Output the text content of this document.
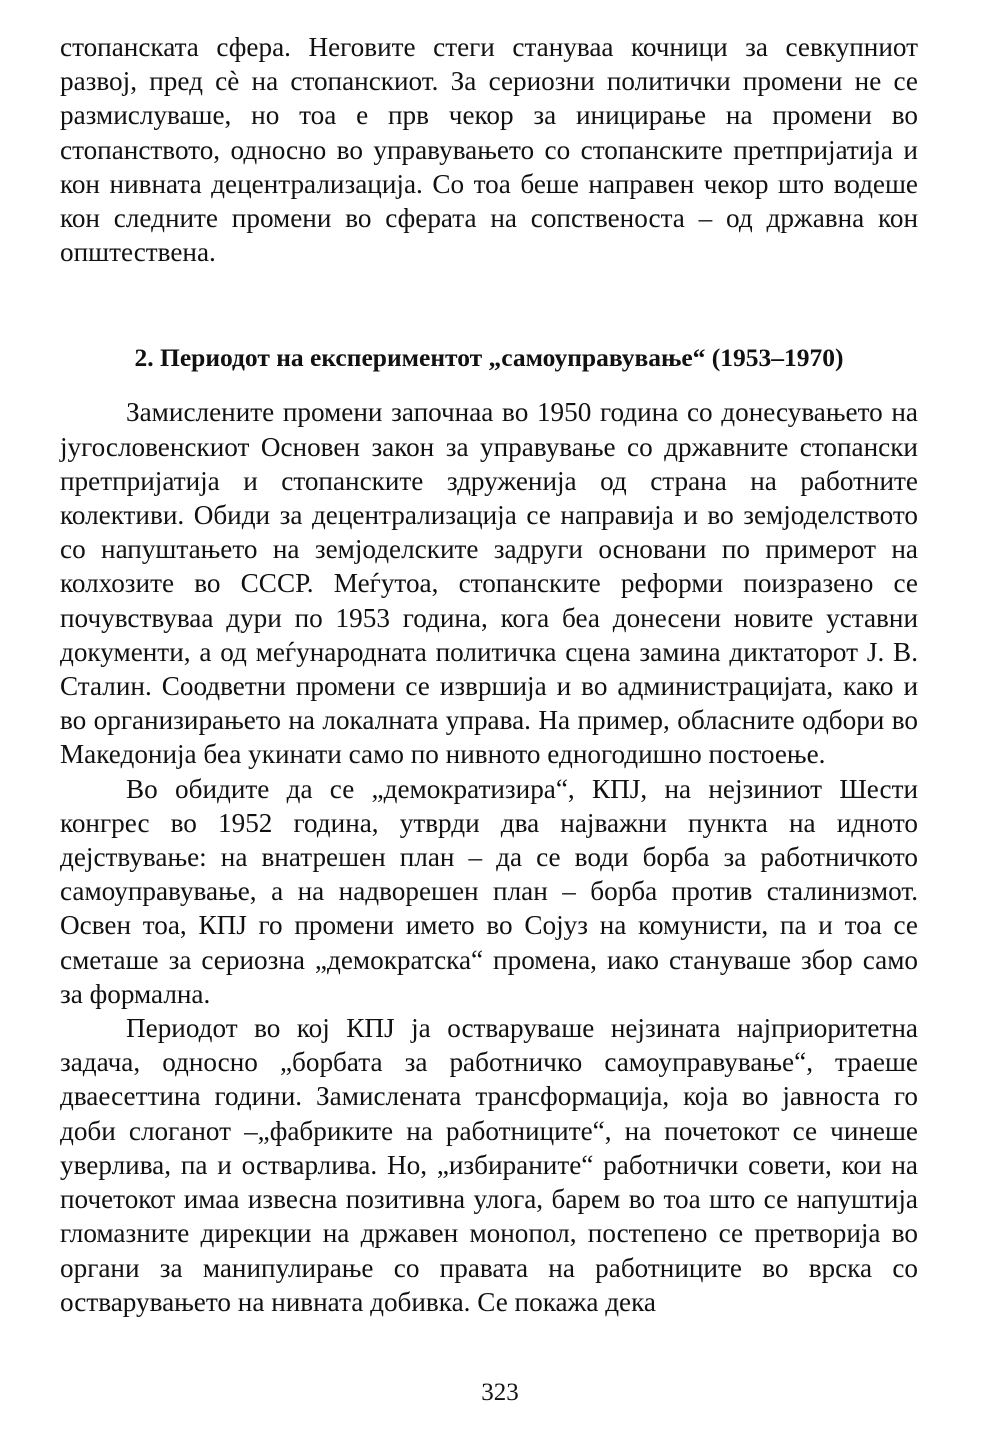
стопанската сфера. Неговите стеги стануваа кочници за севкупниот развој, пред сè на стопанскиот. За сериозни политички промени не се размислуваше, но тоа е прв чекор за иницирање на промени во стопанството, односно во управувањето со стопанските претпријатија и кон нивната децентрализација. Со тоа беше направен чекор што водеше кон следните промени во сферата на сопственоста – од државна кон општествена.

2. Периодот на експериментот „самоуправување“ (1953–1970)

Замислените промени започнаа во 1950 година со донесувањето на југословенскиот Основен закон за управување со државните стопански претпријатија и стопанските здруженија од страна на работните колективи. Обиди за децентрализација се направија и во земјоделството со напуштањето на земјоделските задруги основани по примерот на колхозите во СССР. Меѓутоа, стопанските реформи поизразено се почувствуваа дури по 1953 година, кога беа донесени новите уставни документи, а од меѓународната политичка сцена замина диктаторот Ј. В. Сталин. Соодветни промени се извршија и во администрацијата, како и во организирањето на локалната управа. На пример, обласните одбори во Македонија беа укинати само по нивното едногодишно постоење.

Во обидите да се „демократизира“, КПЈ, на нејзиниот Шести конгрес во 1952 година, утврди два најважни пункта на идното дејствување: на внатрешен план – да се води борба за работничкото самоуправување, а на надворешен план – борба против сталинизмот. Освен тоа, КПЈ го промени името во Сојуз на комунисти, па и тоа се сметаше за сериозна „демократска“ промена, иако стануваше збор само за формална.

Периодот во кој КПЈ ја остваруваше нејзината најприоритетна задача, односно „борбата за работничко самоуправување“, траеше дваесеттина години. Замислената трансформација, која во јавноста го доби слоганот –„фабриките на работниците“, на почетокот се чинеше уверлива, па и остварлива. Но, „избираните“ работнички совети, кои на почетокот имаа извесна позитивна улога, барем во тоа што се напуштија гломазните дирекции на државен монопол, постепено се претворија во органи за манипулирање со правата на работниците во врска со остварувањето на нивната добивка. Се покажа дека

323
